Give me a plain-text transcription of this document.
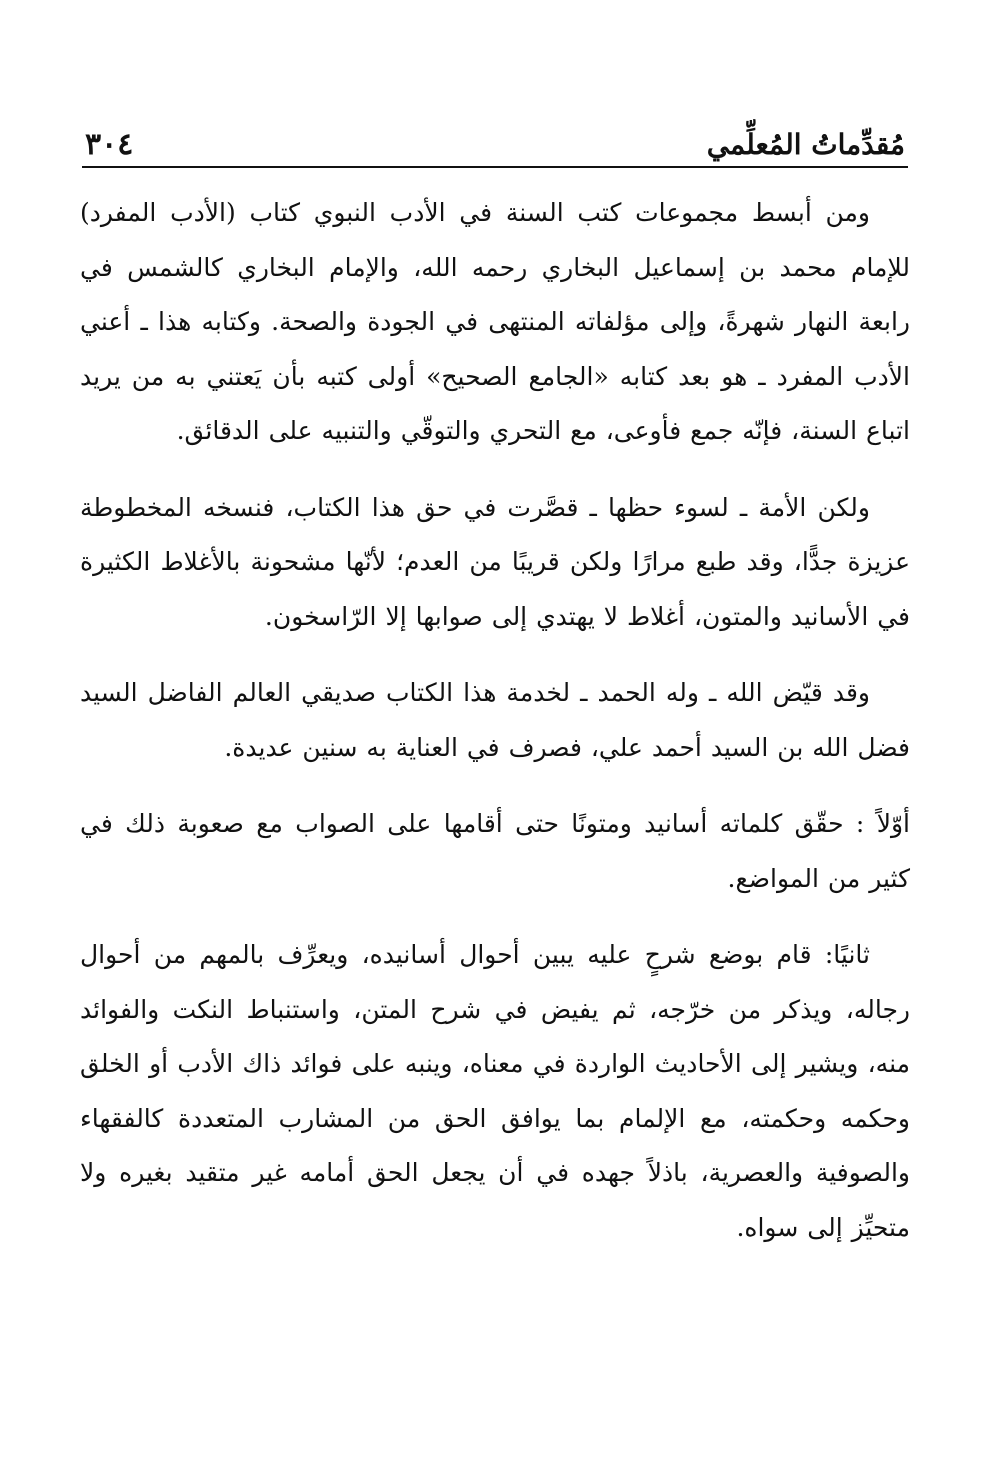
مُقدِّماتُ المُعلِّمي
٣٠٤

ومن أبسط مجموعات كتب السنة في الأدب النبوي كتاب (الأدب المفرد) للإمام محمد بن إسماعيل البخاري رحمه الله، والإمام البخاري كالشمس في رابعة النهار شهرةً، وإلى مؤلفاته المنتهى في الجودة والصحة. وكتابه هذا ـ أعني الأدب المفرد ـ هو بعد كتابه «الجامع الصحيح» أولى كتبه بأن يَعتني به من يريد اتباع السنة، فإنّه جمع فأوعى، مع التحري والتوقّي والتنبيه على الدقائق.

ولكن الأمة ـ لسوء حظها ـ قصَّرت في حق هذا الكتاب، فنسخه المخطوطة عزيزة جدًّا، وقد طبع مرارًا ولكن قريبًا من العدم؛ لأنّها مشحونة بالأغلاط الكثيرة في الأسانيد والمتون، أغلاط لا يهتدي إلى صوابها إلا الرّاسخون.

وقد قيّض الله ـ وله الحمد ـ لخدمة هذا الكتاب صديقي العالم الفاضل السيد فضل الله بن السيد أحمد علي، فصرف في العناية به سنين عديدة.

أوّلاً : حقّق كلماته أسانيد ومتونًا حتى أقامها على الصواب مع صعوبة ذلك في كثير من المواضع.

ثانيًا: قام بوضع شرحٍ عليه يبين أحوال أسانيده، ويعرِّف بالمهم من أحوال رجاله، ويذكر من خرّجه، ثم يفيض في شرح المتن، واستنباط النكت والفوائد منه، ويشير إلى الأحاديث الواردة في معناه، وينبه على فوائد ذاك الأدب أو الخلق وحكمه وحكمته، مع الإلمام بما يوافق الحق من المشارب المتعددة كالفقهاء والصوفية والعصرية، باذلاً جهده في أن يجعل الحق أمامه غير متقيد بغيره ولا متحيِّز إلى سواه.
